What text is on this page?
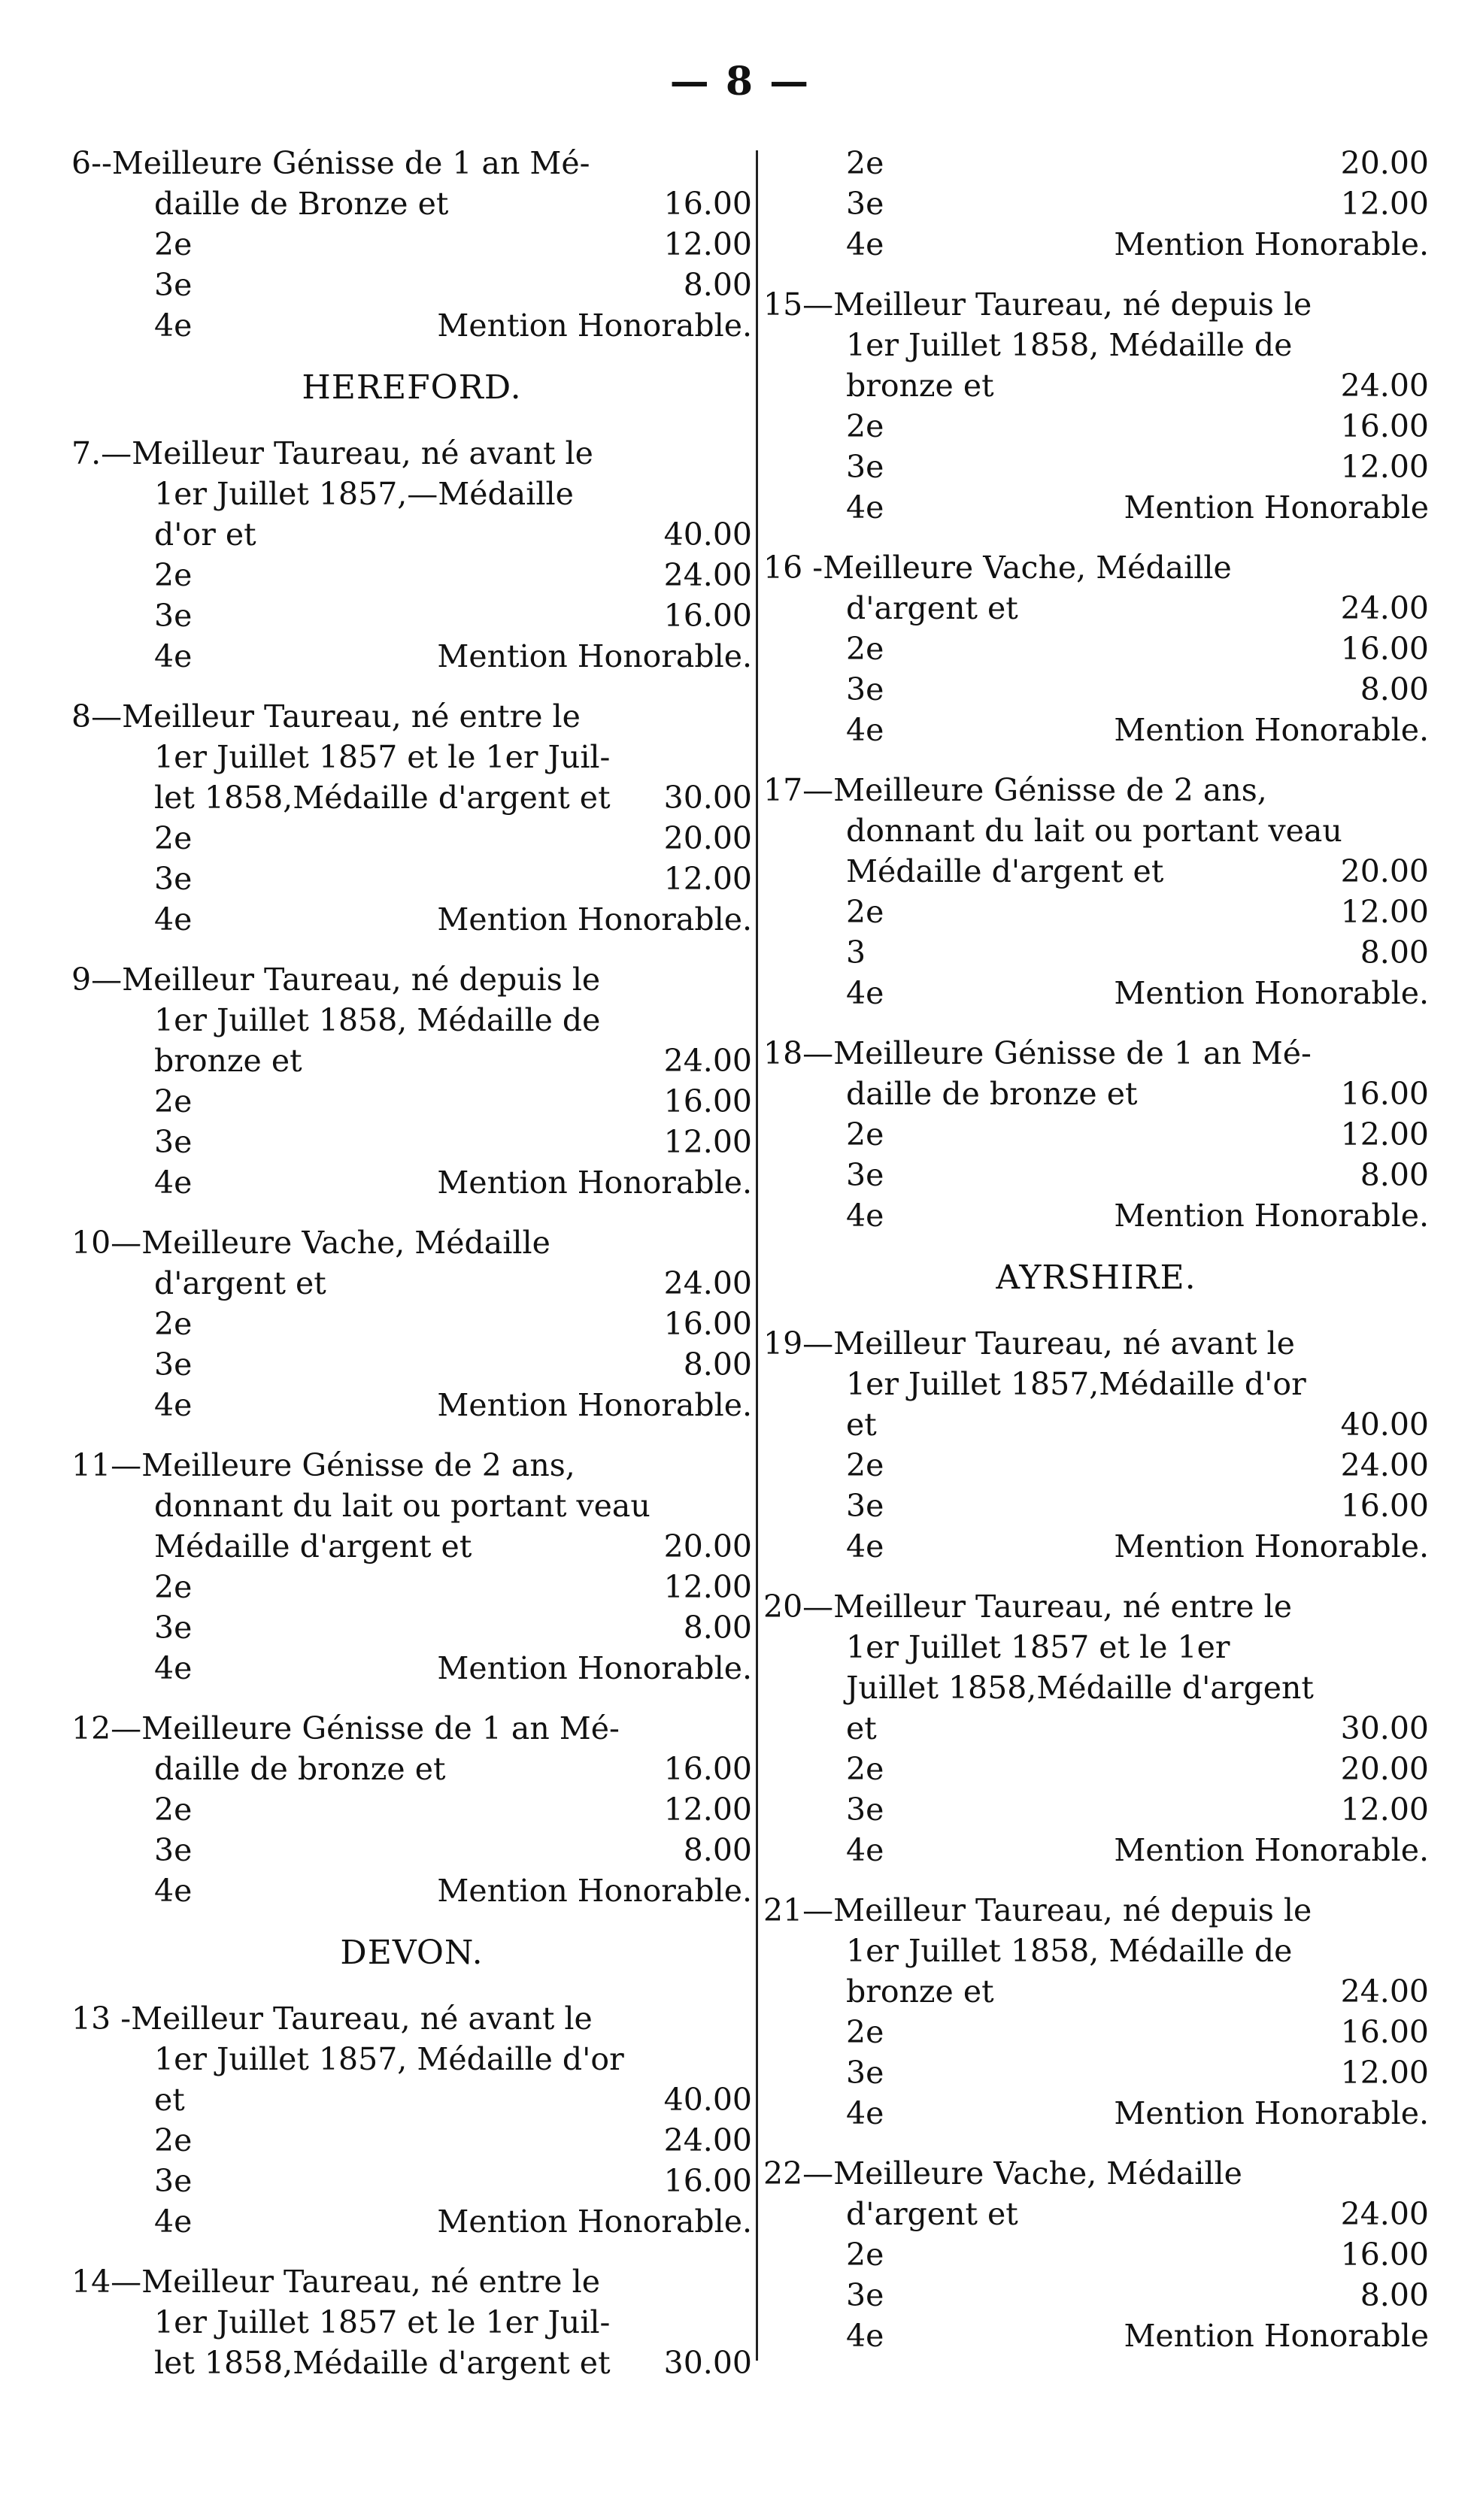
— 8 —
6--Meilleure Génisse de 1 an Mé-
daille de Bronze et	16.00
2e	12.00
3e	8.00
4e	Mention Honorable.
HEREFORD.
7.—Meilleur Taureau, né avant le
1er Juillet 1857,—Médaille
d'or et	40.00
2e	24.00
3e	16.00
4e	Mention Honorable.
8—Meilleur Taureau, né entre le
1er Juillet 1857 et le 1er Juil-
let 1858,Médaille d'argent et 30.00
2e	20.00
3e	12.00
4e	Mention Honorable.
9—Meilleur Taureau, né depuis le
1er Juillet 1858, Médaille de
bronze et	24.00
2e	16.00
3e	12.00
4e	Mention Honorable.
10—Meilleure Vache, Médaille
d'argent et	24.00
2e	16.00
3e	8.00
4e	Mention Honorable.
11—Meilleure Génisse de 2 ans,
donnant du lait ou portant veau
Médaille d'argent et	20.00
2e	12.00
3e	8.00
4e	Mention Honorable.
12—Meilleure Génisse de 1 an Mé-
daille de bronze et	16.00
2e	12.00
3e	8.00
4e	Mention Honorable.
DEVON.
13 -Meilleur Taureau, né avant le
1er Juillet 1857, Médaille d'or
et	40.00
2e	24.00
3e	16.00
4e	Mention Honorable.
14—Meilleur Taureau, né entre le
1er Juillet 1857 et le 1er Juil-
let 1858,Médaille d'argent et 30.00
2e	20.00
3e	12.00
4e	Mention Honorable.
15—Meilleur Taureau, né depuis le
1er Juillet 1858, Médaille de
bronze et	24.00
2e	16.00
3e	12.00
4e	Mention Honorable
16 -Meilleure Vache, Médaille
d'argent et	24.00
2e	16.00
3e	8.00
4e	Mention Honorable.
17—Meilleure Génisse de 2 ans,
donnant du lait ou portant veau
Médaille d'argent et	20.00
2e	12.00
3	8.00
4e	Mention Honorable.
18—Meilleure Génisse de 1 an Mé-
daille de bronze et	16.00
2e	12.00
3e	8.00
4e	Mention Honorable.
AYRSHIRE.
19—Meilleur Taureau, né avant le
1er Juillet 1857,Médaille d'or
et	40.00
2e	24.00
3e	16.00
4e	Mention Honorable.
20—Meilleur Taureau, né entre le
1er Juillet 1857 et le 1er
Juillet 1858,Médaille d'argent
et	30.00
2e	20.00
3e	12.00
4e	Mention Honorable.
21—Meilleur Taureau, né depuis le
1er Juillet 1858, Médaille de
bronze et	24.00
2e	16.00
3e	12.00
4e	Mention Honorable.
22—Meilleure Vache, Médaille
d'argent et	24.00
2e	16.00
3e	8.00
4e	Mention Honorable
